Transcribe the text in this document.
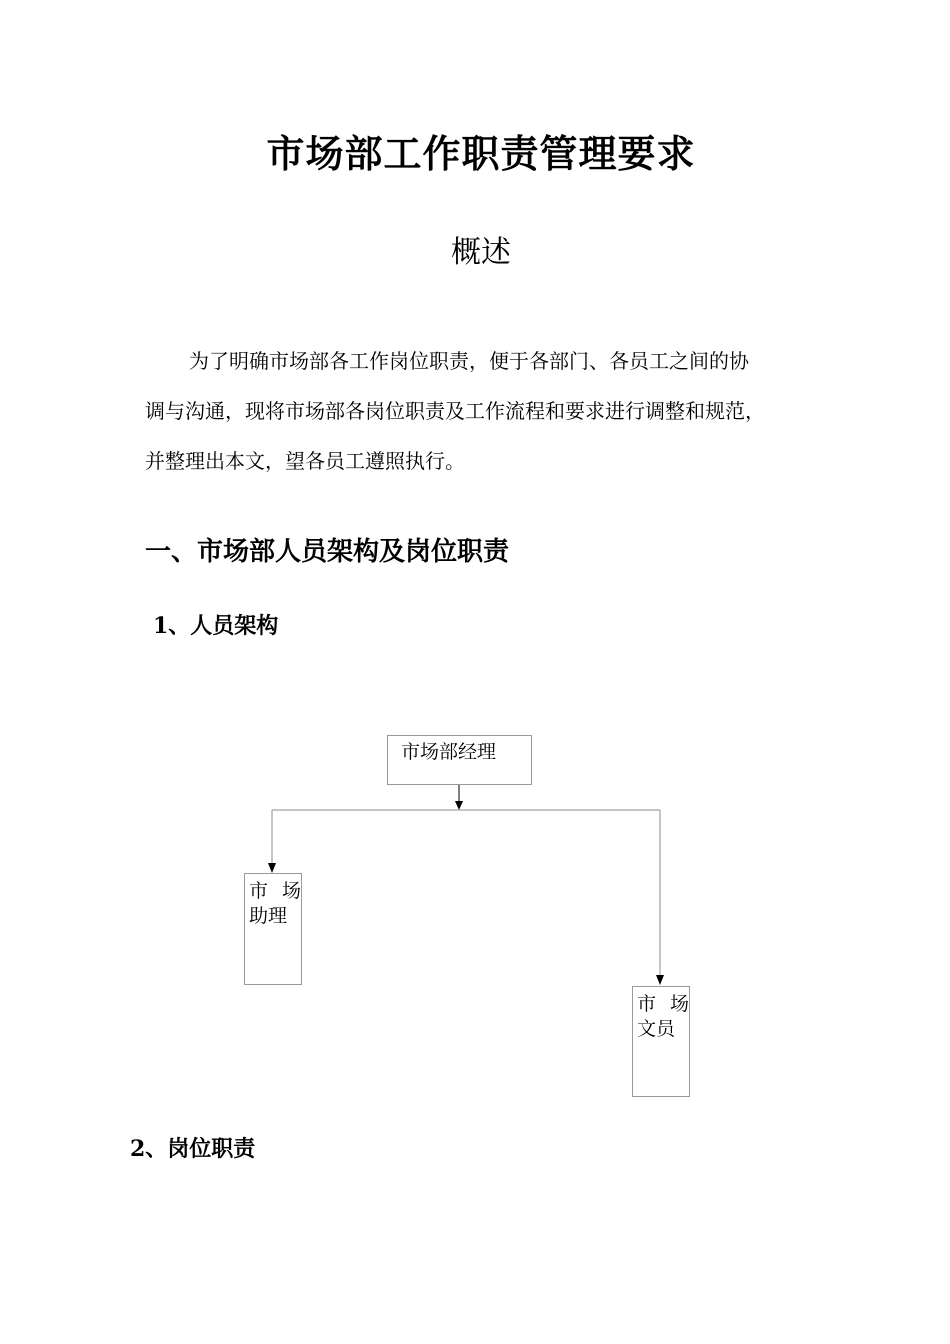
市场部工作职责管理要求
概述

为了明确市场部各工作岗位职责，便于各部门、各员工之间的协
调与沟通，现将市场部各岗位职责及工作流程和要求进行调整和规范，
并整理出本文，望各员工遵照执行。

一、市场部人员架构及岗位职责
1、人员架构
市场部经理
市 场
助理
市 场
文员
2、岗位职责
